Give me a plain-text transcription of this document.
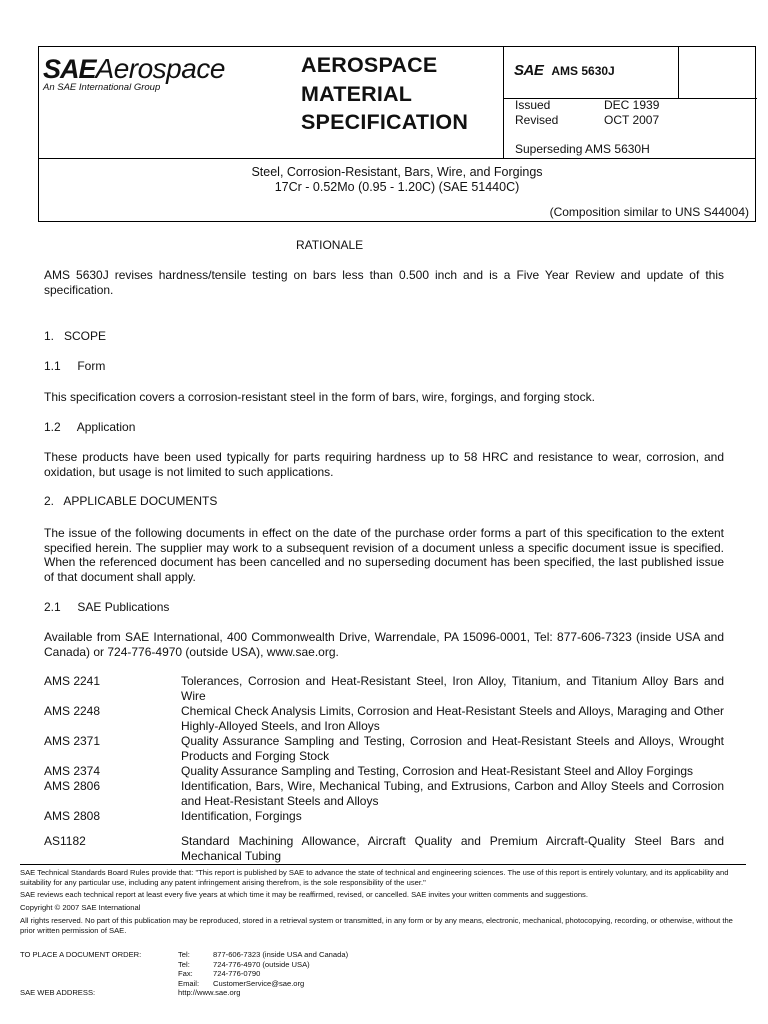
SAEAerospace
An SAE International Group
AEROSPACE
MATERIAL
SPECIFICATION
SAE AMS 5630J
Issued	DEC 1939
Revised	OCT 2007
Superseding AMS 5630H
Steel, Corrosion-Resistant, Bars, Wire, and Forgings
17Cr - 0.52Mo (0.95 - 1.20C) (SAE 51440C)
(Composition similar to UNS S44004)
RATIONALE
AMS 5630J revises hardness/tensile testing on bars less than 0.500 inch and is a Five Year Review and update of this specification.
1.   SCOPE
1.1     Form
This specification covers a corrosion-resistant steel in the form of bars, wire, forgings, and forging stock.
1.2     Application
These products have been used typically for parts requiring hardness up to 58 HRC and resistance to wear, corrosion, and oxidation, but usage is not limited to such applications.
2.   APPLICABLE DOCUMENTS
The issue of the following documents in effect on the date of the purchase order forms a part of this specification to the extent specified herein. The supplier may work to a subsequent revision of a document unless a specific document issue is specified. When the referenced document has been cancelled and no superseding document has been specified, the last published issue of that document shall apply.
2.1     SAE Publications
Available from SAE International, 400 Commonwealth Drive, Warrendale, PA 15096-0001, Tel: 877-606-7323 (inside USA and Canada) or 724-776-4970 (outside USA), www.sae.org.
AMS 2241	Tolerances, Corrosion and Heat-Resistant Steel, Iron Alloy, Titanium, and Titanium Alloy Bars and Wire
AMS 2248	Chemical Check Analysis Limits, Corrosion and Heat-Resistant Steels and Alloys, Maraging and Other Highly-Alloyed Steels, and Iron Alloys
AMS 2371	Quality Assurance Sampling and Testing, Corrosion and Heat-Resistant Steels and Alloys, Wrought Products and Forging Stock
AMS 2374	Quality Assurance Sampling and Testing, Corrosion and Heat-Resistant Steel and Alloy Forgings
AMS 2806	Identification, Bars, Wire, Mechanical Tubing, and Extrusions, Carbon and Alloy Steels and Corrosion and Heat-Resistant Steels and Alloys
AMS 2808	Identification, Forgings
AS1182	Standard Machining Allowance, Aircraft Quality and Premium Aircraft-Quality Steel Bars and Mechanical Tubing

SAE Technical Standards Board Rules provide that: "This report is published by SAE to advance the state of technical and engineering sciences. The use of this report is entirely voluntary, and its applicability and suitability for any particular use, including any patent infringement arising therefrom, is the sole responsibility of the user."

SAE reviews each technical report at least every five years at which time it may be reaffirmed, revised, or cancelled. SAE invites your written comments and suggestions.

Copyright © 2007 SAE International

All rights reserved. No part of this publication may be reproduced, stored in a retrieval system or transmitted, in any form or by any means, electronic, mechanical, photocopying, recording, or otherwise, without the prior written permission of SAE.

TO PLACE A DOCUMENT ORDER:	Tel:	877-606-7323 (inside USA and Canada)
Tel:	724-776-4970 (outside USA)
Fax:	724-776-0790
Email:	CustomerService@sae.org
SAE WEB ADDRESS:	http://www.sae.org
